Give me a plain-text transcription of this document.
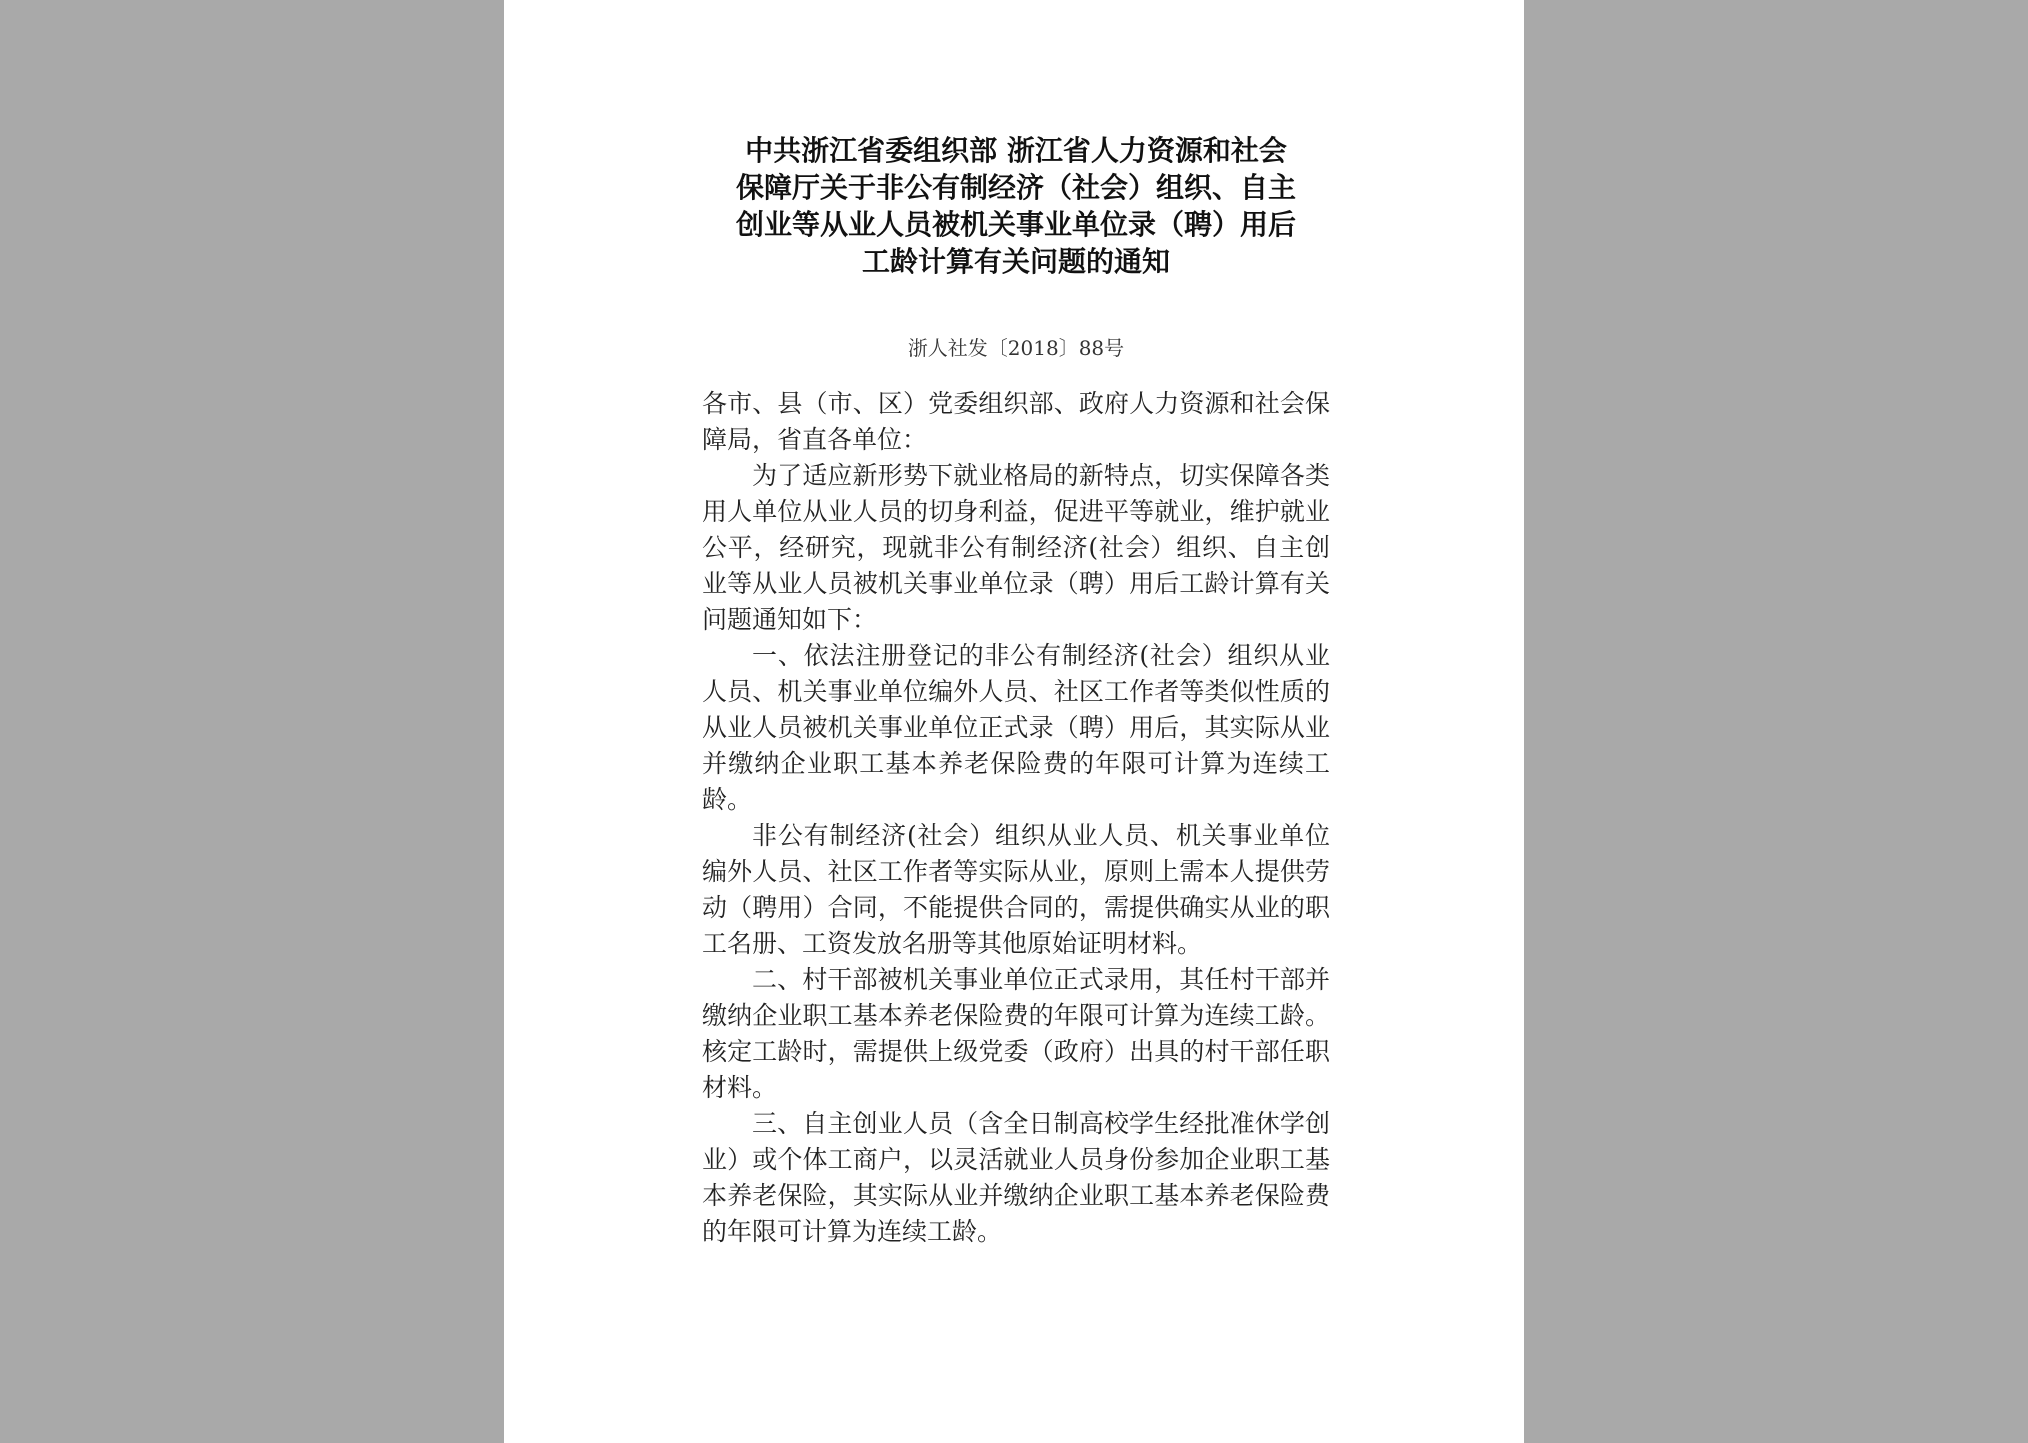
中共浙江省委组织部 浙江省人力资源和社会
保障厅关于非公有制经济（社会）组织、自主
创业等从业人员被机关事业单位录（聘）用后
工龄计算有关问题的通知
浙人社发〔2018〕88号

各市、县（市、区）党委组织部、政府人力资源和社会保障局，省直各单位：

为了适应新形势下就业格局的新特点，切实保障各类用人单位从业人员的切身利益，促进平等就业，维护就业公平，经研究，现就非公有制经济(社会）组织、自主创业等从业人员被机关事业单位录（聘）用后工龄计算有关问题通知如下：

一、依法注册登记的非公有制经济(社会）组织从业人员、机关事业单位编外人员、社区工作者等类似性质的从业人员被机关事业单位正式录（聘）用后，其实际从业并缴纳企业职工基本养老保险费的年限可计算为连续工龄。

非公有制经济(社会）组织从业人员、机关事业单位编外人员、社区工作者等实际从业，原则上需本人提供劳动（聘用）合同，不能提供合同的，需提供确实从业的职工名册、工资发放名册等其他原始证明材料。

二、村干部被机关事业单位正式录用，其任村干部并缴纳企业职工基本养老保险费的年限可计算为连续工龄。核定工龄时，需提供上级党委（政府）出具的村干部任职材料。

三、自主创业人员（含全日制高校学生经批准休学创业）或个体工商户，以灵活就业人员身份参加企业职工基本养老保险，其实际从业并缴纳企业职工基本养老保险费的年限可计算为连续工龄。
